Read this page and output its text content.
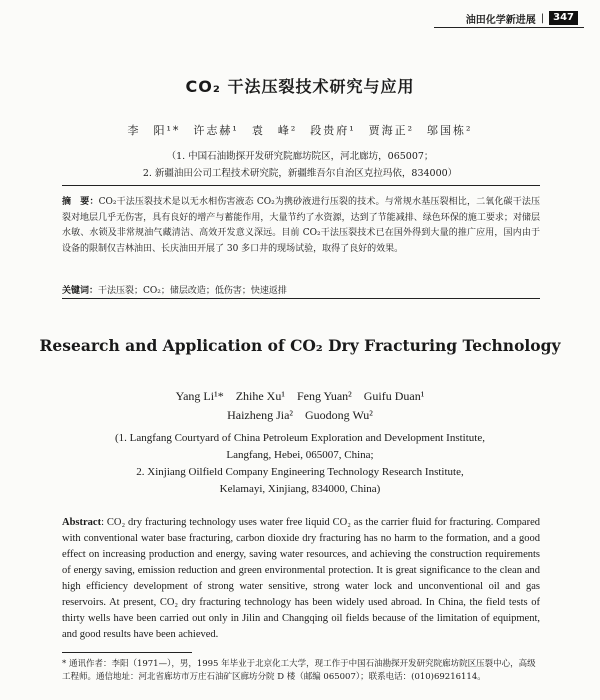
油田化学新进展 | 347
CO₂ 干法压裂技术研究与应用
李　阳¹*　许志赫¹　袁　峰²　段贵府¹　贾海正²　邬国栋²
（1. 中国石油勘探开发研究院廊坊院区，河北廊坊，065007；
2. 新疆油田公司工程技术研究院，新疆维吾尔自治区克拉玛依，834000）
摘　要：CO₂干法压裂技术是以无水相伤害液态 CO₂为携砂液进行压裂的技术。与常规水基压裂相比，二氧化碳干法压裂对地层几乎无伤害，具有良好的增产与蓄能作用，大量节约了水资源，达到了节能减排、绿色环保的施工要求；对储层水敏、水锁及非常规油气藏清洁、高效开发意义深远。目前 CO₂干法压裂技术已在国外得到大量的推广应用，国内由于设备的限制仅吉林油田、长庆油田开展了 30 多口井的现场试验，取得了良好的效果。
关键词：干法压裂；CO₂；储层改造；低伤害；快速返排
Research and Application of CO₂ Dry Fracturing Technology
Yang Li¹*　Zhihe Xu¹　Feng Yuan²　Guifu Duan¹
Haizheng Jia²　Guodong Wu²
(1. Langfang Courtyard of China Petroleum Exploration and Development Institute,
Langfang, Hebei, 065007, China;
2. Xinjiang Oilfield Company Engineering Technology Research Institute,
Kelamayi, Xinjiang, 834000, China)
Abstract: CO₂ dry fracturing technology uses water free liquid CO₂ as the carrier fluid for fracturing. Compared with conventional water base fracturing, carbon dioxide dry fracturing has no harm to the formation, and a good effect on increasing production and energy, saving water resources, and achieving the construction requirements of energy saving, emission reduction and green environmental protection. It is great significance to the clean and high efficiency development of strong water sensitive, strong water lock and unconventional oil and gas reservoirs. At present, CO₂ dry fracturing technology has been widely used abroad. In China, the field tests of thirty wells have been carried out only in Jilin and Changqing oil fields because of the limitation of equipment, and good results have been achieved.
* 通讯作者：李阳（1971—），男，1995 年毕业于北京化工大学，现工作于中国石油勘探开发研究院廊坊院区压裂中心，高级工程师。通信地址：河北省廊坊市万庄石油矿区廊坊分院 D 楼（邮编 065007）；联系电话：(010)69216114。
